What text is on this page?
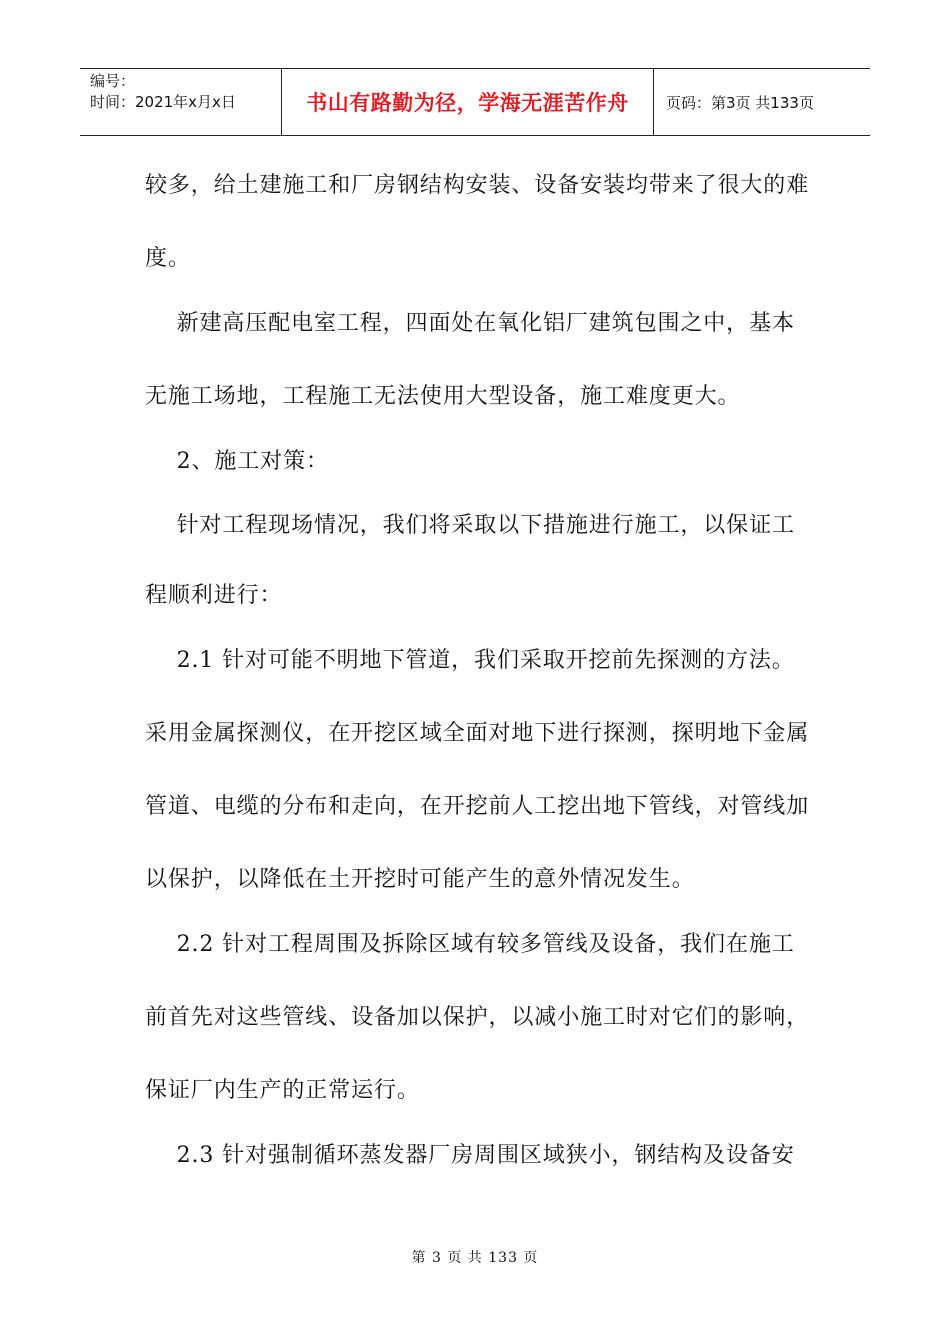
编号：
时间：2021年x月x日	书山有路勤为径，学海无涯苦作舟	页码：第3页 共133页
较多，给土建施工和厂房钢结构安装、设备安装均带来了很大的难
度。
新建高压配电室工程，四面处在氧化铝厂建筑包围之中，基本
无施工场地，工程施工无法使用大型设备，施工难度更大。
2、施工对策：
针对工程现场情况，我们将采取以下措施进行施工，以保证工
程顺利进行：
2.1 针对可能不明地下管道，我们采取开挖前先探测的方法。
采用金属探测仪，在开挖区域全面对地下进行探测，探明地下金属
管道、电缆的分布和走向，在开挖前人工挖出地下管线，对管线加
以保护，以降低在土开挖时可能产生的意外情况发生。
2.2 针对工程周围及拆除区域有较多管线及设备，我们在施工
前首先对这些管线、设备加以保护，以减小施工时对它们的影响，
保证厂内生产的正常运行。
2.3 针对强制循环蒸发器厂房周围区域狭小，钢结构及设备安
第 3 页 共 133 页
